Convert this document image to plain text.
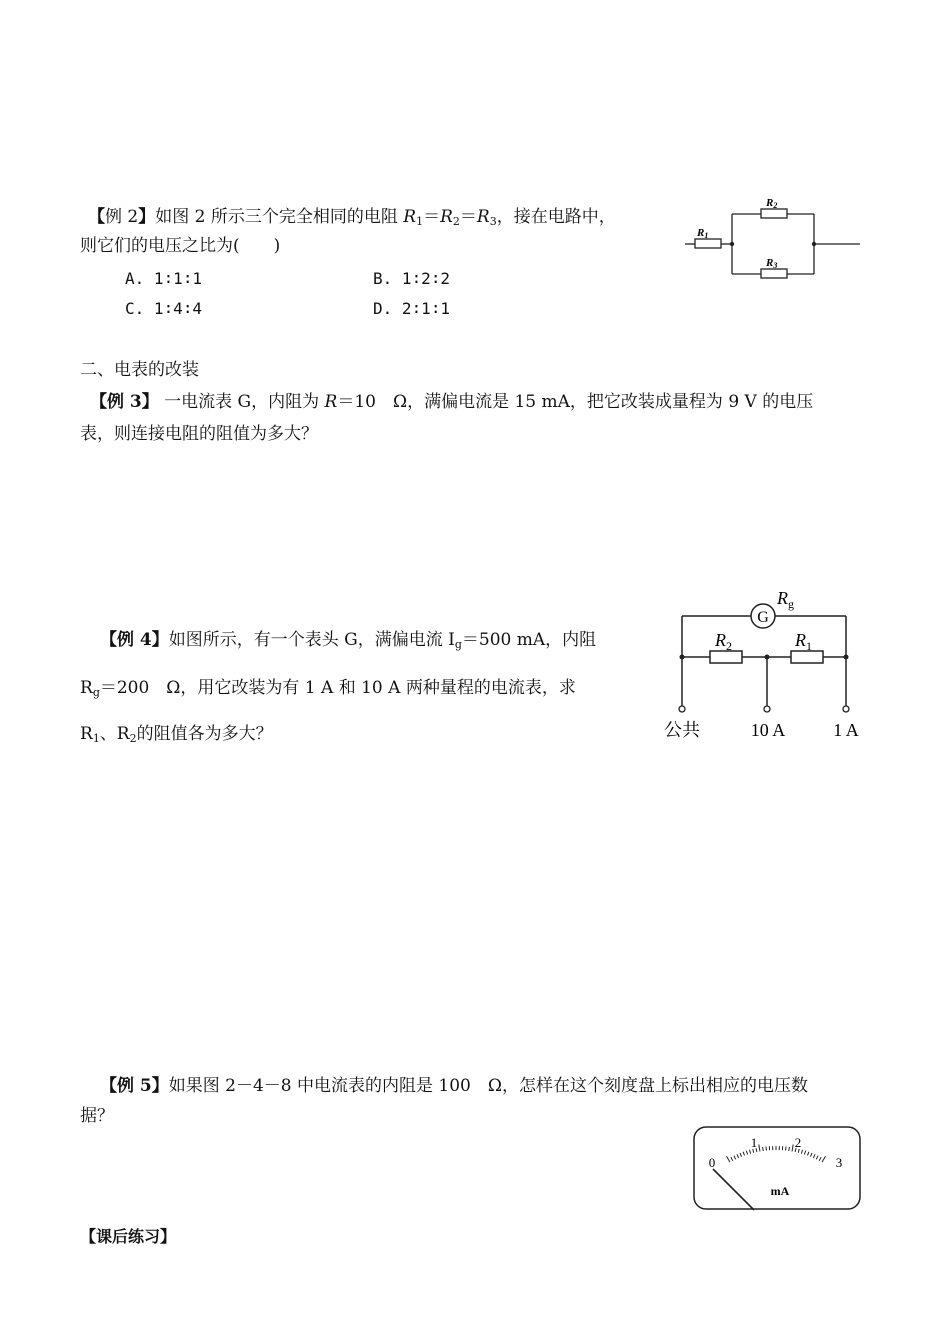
【例 2】如图 2 所示三个完全相同的电阻 $R_1=R_2=R_3$，接在电路中，
则它们的电压之比为(　　)
A. 1∶1∶1	B. 1∶2∶2
C. 1∶4∶4	D. 2∶1∶1
R1
R2
R3
二、电表的改装
【例 3】 一电流表 G，内阻为 R＝10　Ω，满偏电流是 15 mA，把它改装成量程为 9 V 的电压
表，则连接电阻的阻值为多大？
【例 4】如图所示，有一个表头 G，满偏电流 $I_g=500$ mA，内阻
$R_g=200$　Ω，用它改装为有 1 A 和 10 A 两种量程的电流表，求
$R_1$、$R_2$的阻值各为多大？
G
$R_g$
$R_2$	$R_1$
公共	10 A	1 A
【例 5】如果图 2－4－8 中电流表的内阻是 100　Ω，怎样在这个刻度盘上标出相应的电压数
据？
0
1	2
3
mA
【课后练习】
